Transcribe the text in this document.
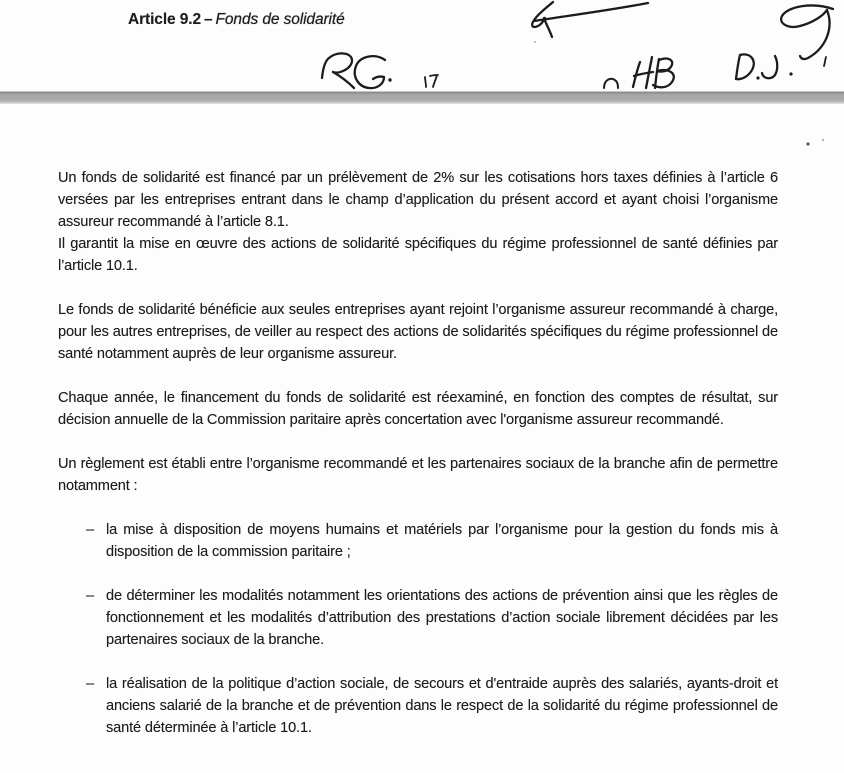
Article 9.2 – Fonds de solidarité

Un fonds de solidarité est financé par un prélèvement de 2% sur les cotisations hors taxes définies à l’article 6 versées par les entreprises entrant dans le champ d’application du présent accord et ayant choisi l’organisme assureur recommandé à l’article 8.1.
Il garantit la mise en œuvre des actions de solidarité spécifiques du régime professionnel de santé définies par l’article 10.1.

Le fonds de solidarité bénéficie aux seules entreprises ayant rejoint l’organisme assureur recommandé à charge, pour les autres entreprises, de veiller au respect des actions de solidarités spécifiques du régime professionnel de santé notamment auprès de leur organisme assureur.

Chaque année, le financement du fonds de solidarité est réexaminé, en fonction des comptes de résultat, sur décision annuelle de la Commission paritaire après concertation avec l'organisme assureur recommandé.

Un règlement est établi entre l’organisme recommandé et les partenaires sociaux de la branche afin de permettre notamment :

– la mise à disposition de moyens humains et matériels par l’organisme pour la gestion du fonds mis à disposition de la commission paritaire ;
– de déterminer les modalités notamment les orientations des actions de prévention ainsi que les règles de fonctionnement et les modalités d’attribution des prestations d’action sociale librement décidées par les partenaires sociaux de la branche.
– la réalisation de la politique d’action sociale, de secours et d'entraide auprès des salariés, ayants-droit et anciens salarié de la branche et de prévention dans le respect de la solidarité du régime professionnel de santé déterminée à l’article 10.1.
